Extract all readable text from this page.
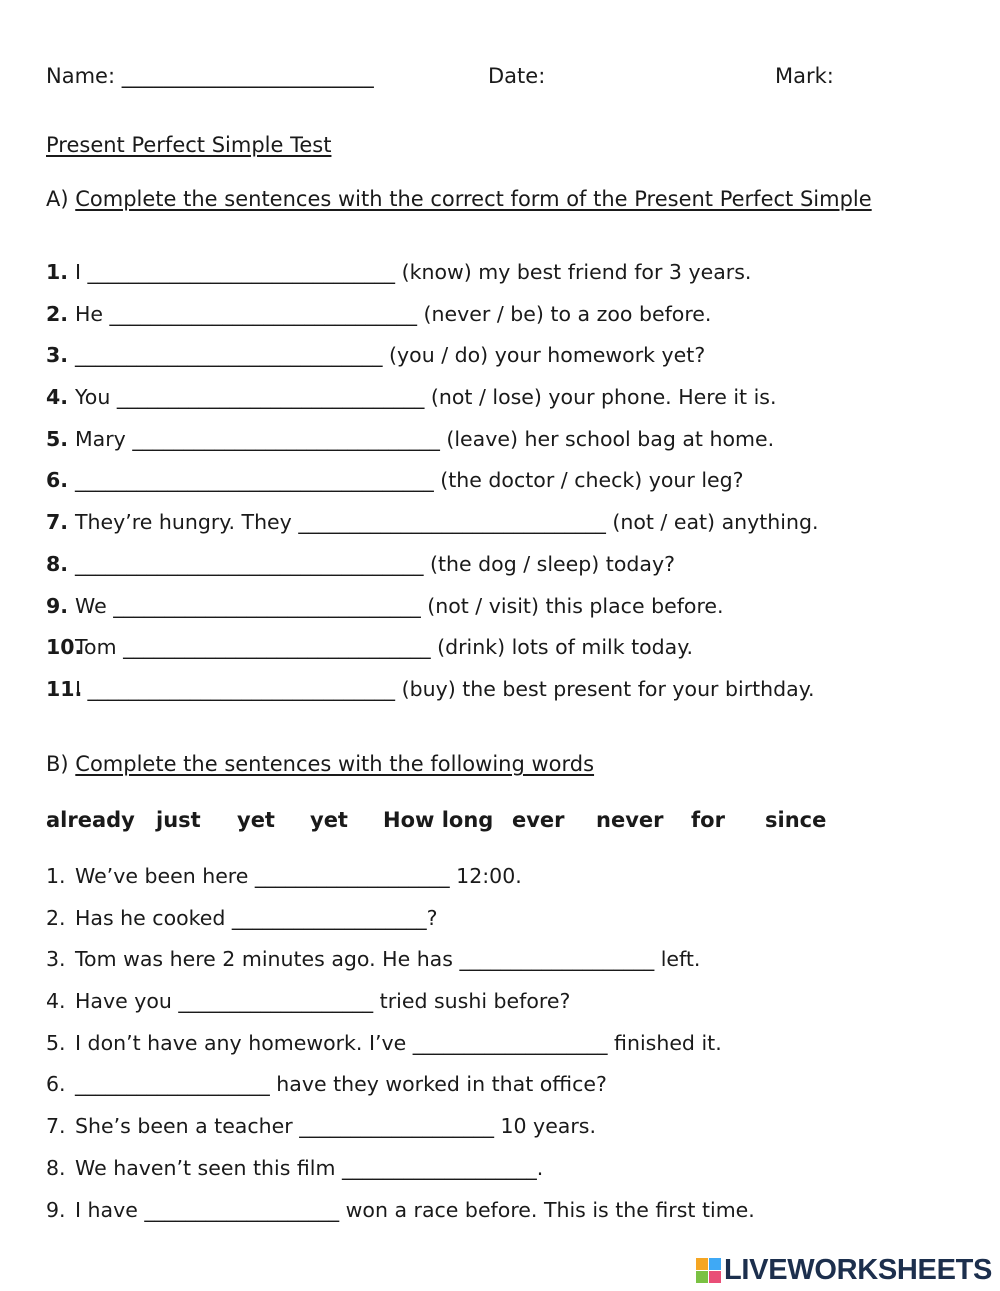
Name: ________________________	Date:	Mark:
Present Perfect Simple Test
A) Complete the sentences with the correct form of the Present Perfect Simple
1. I ______________________________ (know) my best friend for 3 years.
2. He ______________________________ (never / be) to a zoo before.
3. ______________________________ (you / do) your homework yet?
4. You ______________________________ (not / lose) your phone. Here it is.
5. Mary ______________________________ (leave) her school bag at home.
6. ___________________________________ (the doctor / check) your leg?
7. They’re hungry. They ______________________________ (not / eat) anything.
8. __________________________________ (the dog / sleep) today?
9. We ______________________________ (not / visit) this place before.
10.Tom ______________________________ (drink) lots of milk today.
11.I ______________________________ (buy) the best present for your birthday.
B) Complete the sentences with the following words
already just yet yet How long ever never for since
1. We’ve been here ___________________ 12:00.
2. Has he cooked ___________________?
3. Tom was here 2 minutes ago. He has ___________________ left.
4. Have you ___________________ tried sushi before?
5. I don’t have any homework. I’ve ___________________ finished it.
6. ___________________ have they worked in that office?
7. She’s been a teacher ___________________ 10 years.
8. We haven’t seen this film ___________________.
9. I have ___________________ won a race before. This is the first time.
LIVEWORKSHEETS
